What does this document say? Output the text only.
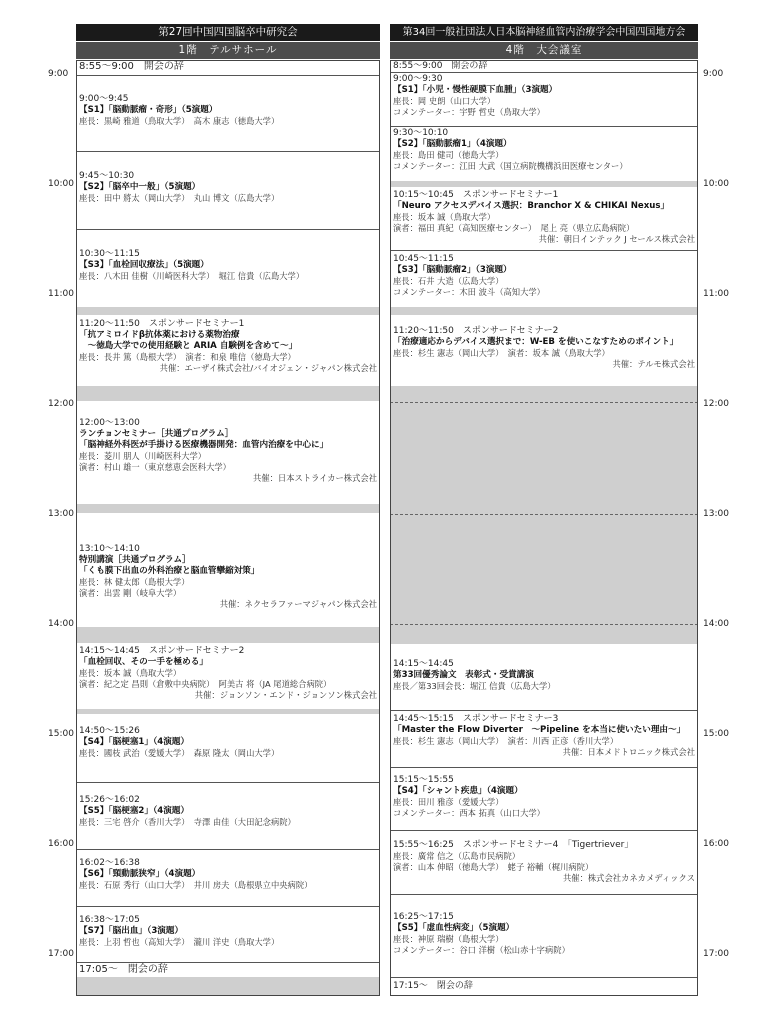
9:00
10:00
11:00
12:00
13:00
14:00
15:00
16:00
17:00
9:00
10:00
11:00
12:00
13:00
14:00
15:00
16:00
17:00
第27回中国四国脳卒中研究会
1階　テルサホール
8:55〜9:00　開会の辞
9:00〜9:45
【S1】「脳動脈瘤・奇形」（5演題）
座長：黒崎 雅道（鳥取大学）　高木 康志（徳島大学）
9:45〜10:30
【S2】「脳卒中一般」（5演題）
座長：田中 將太（岡山大学）　丸山 博文（広島大学）
10:30〜11:15
【S3】「血栓回収療法」（5演題）
座長：八木田 佳樹（川崎医科大学）　堀江 信貴（広島大学）
11:20〜11:50　スポンサードセミナー1
「抗アミロイドβ抗体薬における薬物治療
　〜徳島大学での使用経験と ARIA 自験例を含めて〜」
座長：長井 篤（島根大学）　演者：和泉 唯信（徳島大学）
共催：エーザイ株式会社/バイオジェン・ジャパン株式会社
12:00〜13:00
ランチョンセミナー［共通プログラム］
「脳神経外科医が手掛ける医療機器開発：血管内治療を中心に」
座長：菱川 朋人（川崎医科大学）
演者：村山 雄一（東京慈恵会医科大学）
共催：日本ストライカー株式会社
13:10〜14:10
特別講演［共通プログラム］
「くも膜下出血の外科治療と脳血管攣縮対策」
座長：林 健太郎（島根大学）
演者：出雲 剛（岐阜大学）
共催：ネクセラファーマジャパン株式会社
14:15〜14:45　スポンサードセミナー2
「血栓回収、その一手を極める」
座長：坂本 誠（鳥取大学）
演者：紀之定 昌則（倉敷中央病院）　阿美古 将（JA 尾道総合病院）
共催：ジョンソン・エンド・ジョンソン株式会社
14:50〜15:26
【S4】「脳梗塞1」（4演題）
座長：國枝 武治（愛媛大学）　森原 隆太（岡山大学）
15:26〜16:02
【S5】「脳梗塞2」（4演題）
座長：三宅 啓介（香川大学）　寺澤 由佳（大田記念病院）
16:02〜16:38
【S6】「頸動脈狭窄」（4演題）
座長：石原 秀行（山口大学）　井川 房夫（島根県立中央病院）
16:38〜17:05
【S7】「脳出血」（3演題）
座長：上羽 哲也（高知大学）　瀧川 洋史（鳥取大学）
17:05〜　閉会の辞
第34回一般社団法人日本脳神経血管内治療学会中国四国地方会
4階　大会議室
8:55〜9:00　開会の辞
9:00〜9:30
【S1】「小児・慢性硬膜下血腫」（3演題）
座長：岡 史朗（山口大学）
コメンテーター：宇野 哲史（鳥取大学）
9:30〜10:10
【S2】「脳動脈瘤1」（4演題）
座長：島田 健司（徳島大学）
コメンテーター：江田 大武（国立病院機構浜田医療センター）
10:15〜10:45　スポンサードセミナー1
「Neuro アクセスデバイス選択：Branchor X & CHIKAI Nexus」
座長：坂本 誠（鳥取大学）
演者：福田 真紀（高知医療センター）　尾上 亮（県立広島病院）
共催：朝日インテック J セールス株式会社
10:45〜11:15
【S3】「脳動脈瘤2」（3演題）
座長：石井 大造（広島大学）
コメンテーター：木田 波斗（高知大学）
11:20〜11:50　スポンサードセミナー2
「治療適応からデバイス選択まで：W-EB を使いこなすためのポイント」
座長：杉生 憲志（岡山大学）　演者：坂本 誠（鳥取大学）
共催：テルモ株式会社
14:15〜14:45
第33回優秀論文　表彰式・受賞講演
座長／第33回会長：堀江 信貴（広島大学）
14:45〜15:15　スポンサードセミナー3
「Master the Flow Diverter　〜Pipeline を本当に使いたい理由〜」
座長：杉生 憲志（岡山大学）　演者：川西 正彦（香川大学）
共催：日本メドトロニック株式会社
15:15〜15:55
【S4】「シャント疾患」（4演題）
座長：田川 雅彦（愛媛大学）
コメンテーター：西本 拓真（山口大学）
15:55〜16:25　スポンサードセミナー4　「Tigertriever」
座長：廣常 信之（広島市民病院）
演者：山本 伸昭（徳島大学）　蛯子 裕輔（梶川病院）
共催：株式会社カネカメディックス
16:25〜17:15
【S5】「虚血性病変」（5演題）
座長：神原 瑞樹（島根大学）
コメンテーター：谷口 洋樹（松山赤十字病院）
17:15〜　閉会の辞
